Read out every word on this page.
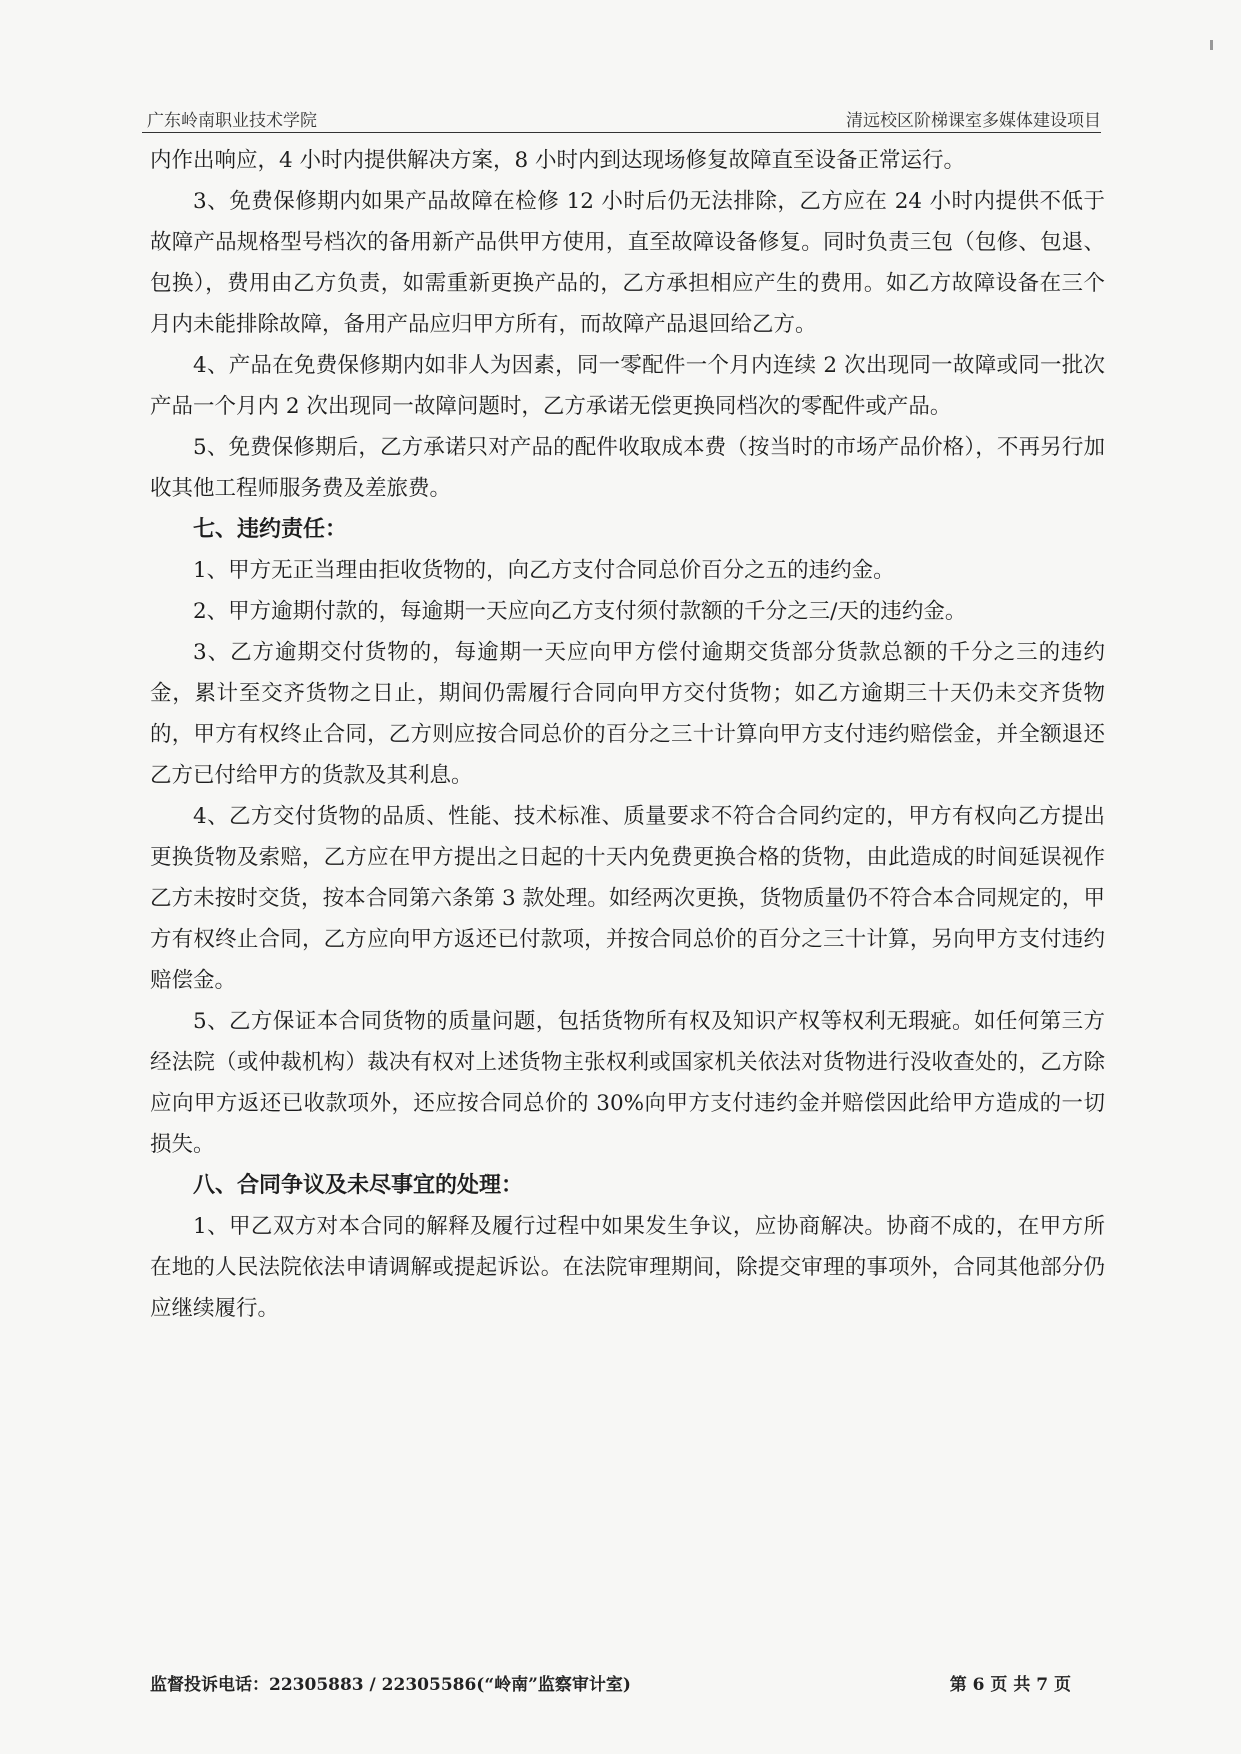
广东岭南职业技术学院	清远校区阶梯课室多媒体建设项目

内作出响应，4 小时内提供解决方案，8 小时内到达现场修复故障直至设备正常运行。

3、免费保修期内如果产品故障在检修 12 小时后仍无法排除，乙方应在 24 小时内提供不低于故障产品规格型号档次的备用新产品供甲方使用，直至故障设备修复。同时负责三包（包修、包退、包换），费用由乙方负责，如需重新更换产品的，乙方承担相应产生的费用。如乙方故障设备在三个月内未能排除故障，备用产品应归甲方所有，而故障产品退回给乙方。

4、产品在免费保修期内如非人为因素，同一零配件一个月内连续 2 次出现同一故障或同一批次产品一个月内 2 次出现同一故障问题时，乙方承诺无偿更换同档次的零配件或产品。

5、免费保修期后，乙方承诺只对产品的配件收取成本费（按当时的市场产品价格），不再另行加收其他工程师服务费及差旅费。

七、违约责任：

1、甲方无正当理由拒收货物的，向乙方支付合同总价百分之五的违约金。

2、甲方逾期付款的，每逾期一天应向乙方支付须付款额的千分之三/天的违约金。

3、乙方逾期交付货物的，每逾期一天应向甲方偿付逾期交货部分货款总额的千分之三的违约金，累计至交齐货物之日止，期间仍需履行合同向甲方交付货物；如乙方逾期三十天仍未交齐货物的，甲方有权终止合同，乙方则应按合同总价的百分之三十计算向甲方支付违约赔偿金，并全额退还乙方已付给甲方的货款及其利息。

4、乙方交付货物的品质、性能、技术标准、质量要求不符合合同约定的，甲方有权向乙方提出更换货物及索赔，乙方应在甲方提出之日起的十天内免费更换合格的货物，由此造成的时间延误视作乙方未按时交货，按本合同第六条第 3 款处理。如经两次更换，货物质量仍不符合本合同规定的，甲方有权终止合同，乙方应向甲方返还已付款项，并按合同总价的百分之三十计算，另向甲方支付违约赔偿金。

5、乙方保证本合同货物的质量问题，包括货物所有权及知识产权等权利无瑕疵。如任何第三方经法院（或仲裁机构）裁决有权对上述货物主张权利或国家机关依法对货物进行没收查处的，乙方除应向甲方返还已收款项外，还应按合同总价的 30%向甲方支付违约金并赔偿因此给甲方造成的一切损失。

八、合同争议及未尽事宜的处理：

1、甲乙双方对本合同的解释及履行过程中如果发生争议，应协商解决。协商不成的，在甲方所在地的人民法院依法申请调解或提起诉讼。在法院审理期间，除提交审理的事项外，合同其他部分仍应继续履行。

监督投诉电话：22305883 / 22305586(“岭南”监察审计室)	第 6 页 共 7 页
